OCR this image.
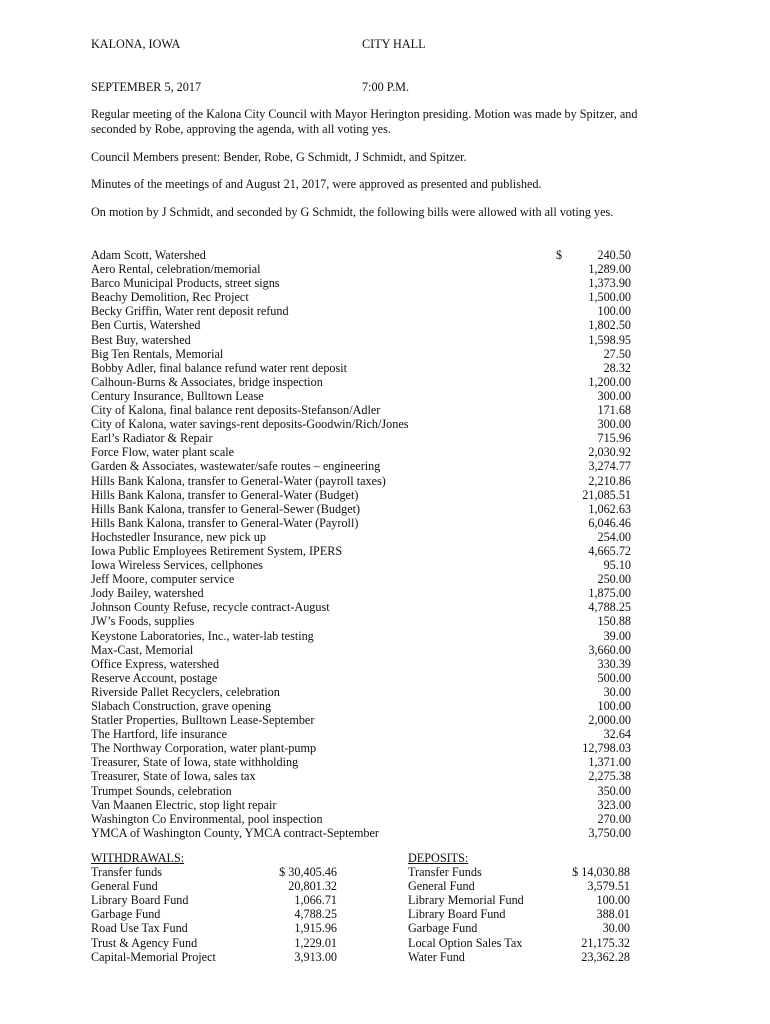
KALONA, IOWA	CITY HALL
SEPTEMBER 5, 2017	7:00 P.M.
Regular meeting of the Kalona City Council with Mayor Herington presiding. Motion was made by Spitzer, and seconded by Robe, approving the agenda, with all voting yes.
Council Members present: Bender, Robe, G Schmidt, J Schmidt, and Spitzer.
Minutes of the meetings of and August 21, 2017, were approved as presented and published.
On motion by J Schmidt, and seconded by G Schmidt, the following bills were allowed with all voting yes.
Adam Scott, Watershed	$	240.50
Aero Rental, celebration/memorial	1,289.00
Barco Municipal Products, street signs	1,373.90
Beachy Demolition, Rec Project	1,500.00
Becky Griffin, Water rent deposit refund	100.00
Ben Curtis, Watershed	1,802.50
Best Buy, watershed	1,598.95
Big Ten Rentals, Memorial	27.50
Bobby Adler, final balance refund water rent deposit	28.32
Calhoun-Burns & Associates, bridge inspection	1,200.00
Century Insurance, Bulltown Lease	300.00
City of Kalona, final balance rent deposits-Stefanson/Adler	171.68
City of Kalona, water savings-rent deposits-Goodwin/Rich/Jones	300.00
Earl’s Radiator & Repair	715.96
Force Flow, water plant scale	2,030.92
Garden & Associates, wastewater/safe routes – engineering	3,274.77
Hills Bank Kalona, transfer to General-Water (payroll taxes)	2,210.86
Hills Bank Kalona, transfer to General-Water (Budget)	21,085.51
Hills Bank Kalona, transfer to General-Sewer (Budget)	1,062.63
Hills Bank Kalona, transfer to General-Water (Payroll)	6,046.46
Hochstedler Insurance, new pick up	254.00
Iowa Public Employees Retirement System, IPERS	4,665.72
Iowa Wireless Services, cellphones	95.10
Jeff Moore, computer service	250.00
Jody Bailey, watershed	1,875.00
Johnson County Refuse, recycle contract-August	4,788.25
JW’s Foods, supplies	150.88
Keystone Laboratories, Inc., water-lab testing	39.00
Max-Cast, Memorial	3,660.00
Office Express, watershed	330.39
Reserve Account, postage	500.00
Riverside Pallet Recyclers, celebration	30.00
Slabach Construction, grave opening	100.00
Statler Properties, Bulltown Lease-September	2,000.00
The Hartford, life insurance	32.64
The Northway Corporation, water plant-pump	12,798.03
Treasurer, State of Iowa, state withholding	1,371.00
Treasurer, State of Iowa, sales tax	2,275.38
Trumpet Sounds, celebration	350.00
Van Maanen Electric, stop light repair	323.00
Washington Co Environmental, pool inspection	270.00
YMCA of Washington County, YMCA contract-September	3,750.00
WITHDRAWALS:
Transfer funds	$ 30,405.46
General Fund	20,801.32
Library Board Fund	1,066.71
Garbage Fund	4,788.25
Road Use Tax Fund	1,915.96
Trust & Agency Fund	1,229.01
Capital-Memorial Project	3,913.00
DEPOSITS:
Transfer Funds	$ 14,030.88
General Fund	3,579.51
Library Memorial Fund	100.00
Library Board Fund	388.01
Garbage Fund	30.00
Local Option Sales Tax	21,175.32
Water Fund	23,362.28
